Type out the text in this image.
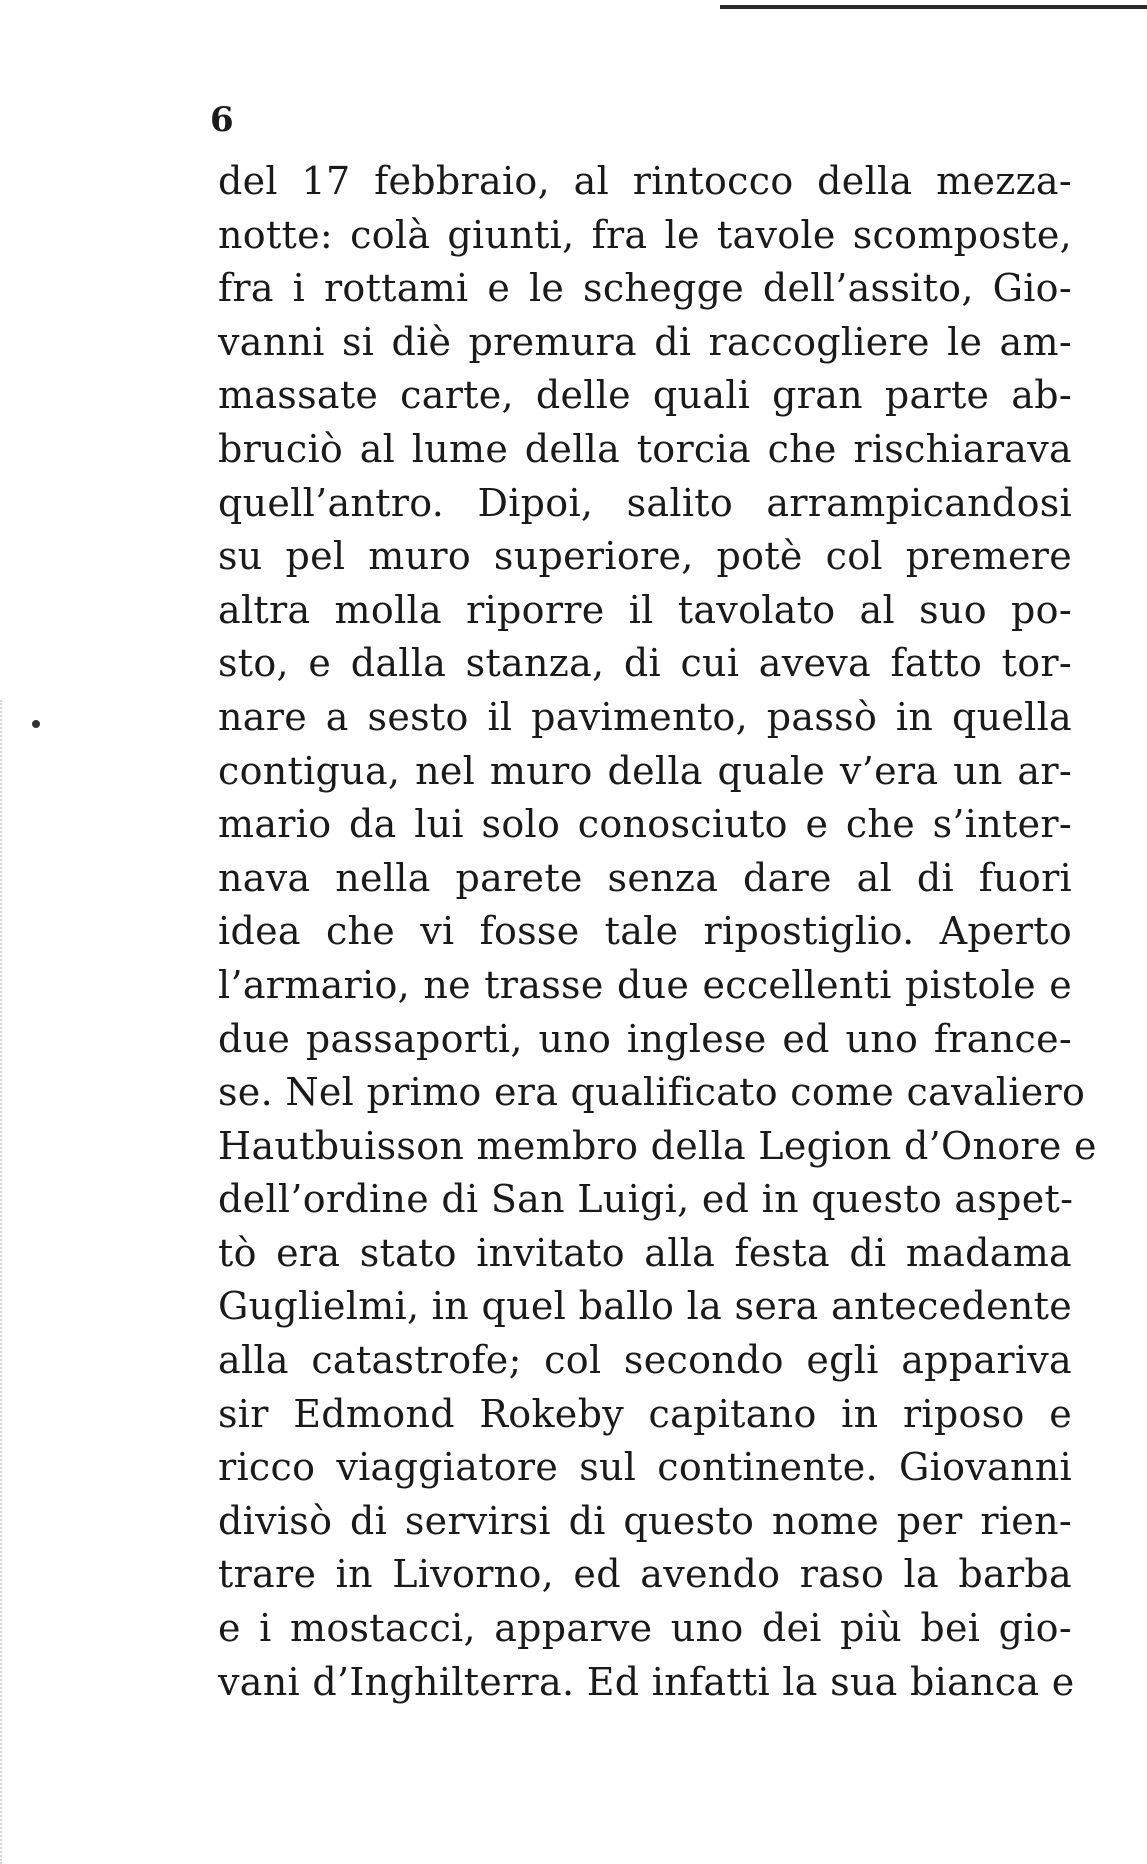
6
del 17 febbraio, al rintocco della mezza-
notte: colà giunti, fra le tavole scomposte,
fra i rottami e le schegge dell’assito, Gio-
vanni si diè premura di raccogliere le am-
massate carte, delle quali gran parte ab-
bruciò al lume della torcia che rischiarava
quell’antro. Dipoi, salito arrampicandosi
su pel muro superiore, potè col premere
altra molla riporre il tavolato al suo po-
sto, e dalla stanza, di cui aveva fatto tor-
nare a sesto il pavimento, passò in quella
contigua, nel muro della quale v’era un ar-
mario da lui solo conosciuto e che s’inter-
nava nella parete senza dare al di fuori
idea che vi fosse tale ripostiglio. Aperto
l’armario, ne trasse due eccellenti pistole e
due passaporti, uno inglese ed uno france-
se. Nel primo era qualificato come cavaliero
Hautbuisson membro della Legion d’Onore e
dell’ordine di San Luigi, ed in questo aspet-
tò era stato invitato alla festa di madama
Guglielmi, in quel ballo la sera antecedente
alla catastrofe; col secondo egli appariva
sir Edmond Rokeby capitano in riposo e
ricco viaggiatore sul continente. Giovanni
divisò di servirsi di questo nome per rien-
trare in Livorno, ed avendo raso la barba
e i mostacci, apparve uno dei più bei gio-
vani d’Inghilterra. Ed infatti la sua bianca e
